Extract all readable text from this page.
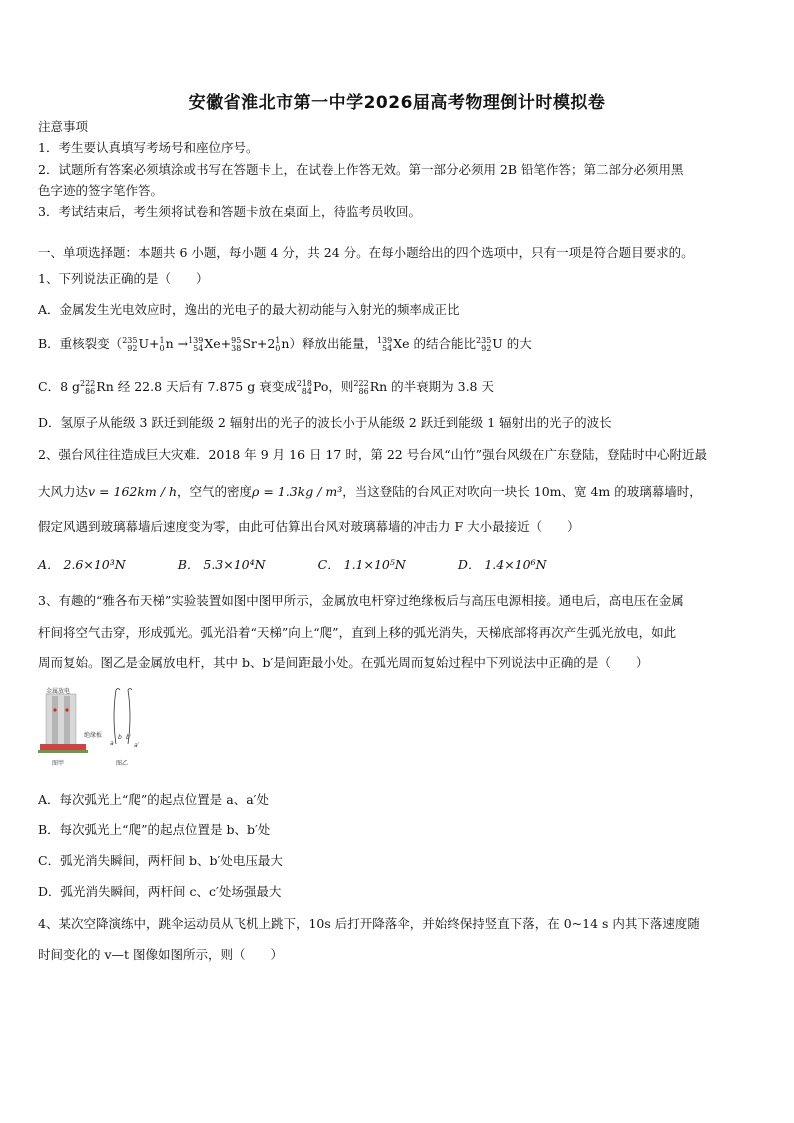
安徽省淮北市第一中学2026届高考物理倒计时模拟卷
注意事项
1．考生要认真填写考场号和座位序号。
2．试题所有答案必须填涂或书写在答题卡上，在试卷上作答无效。第一部分必须用 2B 铅笔作答；第二部分必须用黑
色字迹的签字笔作答。
3．考试结束后，考生须将试卷和答题卡放在桌面上，待监考员收回。
一、单项选择题：本题共 6 小题，每小题 4 分，共 24 分。在每小题给出的四个选项中，只有一项是符合题目要求的。
1、下列说法正确的是（　　）
A．金属发生光电效应时，逸出的光电子的最大初动能与入射光的频率成正比
B．重核裂变（ 235
92 U+ 1
0 n → 139
54 Xe+ 95
38 Sr+2 1
0 n）释放出能量， 139
54 Xe 的结合能比 235
92 U 的大
C．8 g 222
86 Rn 经 22.8 天后有 7.875 g 衰变成 218
84 Po，则 222
86 Rn 的半衰期为 3.8 天
D．氢原子从能级 3 跃迁到能级 2 辐射出的光子的波长小于从能级 2 跃迁到能级 1 辐射出的光子的波长
2、强台风往往造成巨大灾难．2018 年 9 月 16 日 17 时，第 22 号台风“山竹”强台风级在广东登陆，登陆时中心附近最
大风力达v = 162km / h，空气的密度ρ = 1.3kg / m³，当这登陆的台风正对吹向一块长 10m、宽 4m 的玻璃幕墙时，
假定风遇到玻璃幕墙后速度变为零，由此可估算出台风对玻璃幕墙的冲击力 F 大小最接近（　　）
A． 2.6×10³N	B． 5.3×10⁴N	C． 1.1×10⁵N	D． 1.4×10⁶N
3、有趣的“雅各布天梯”实验装置如图中图甲所示，金属放电杆穿过绝缘板后与高压电源相接。通电后，高电压在金属
杆间将空气击穿，形成弧光。弧光沿着“天梯”向上“爬”，直到上移的弧光消失，天梯底部将再次产生弧光放电，如此
周而复始。图乙是金属放电杆，其中 b、b′是间距最小处。在弧光周而复始过程中下列说法中正确的是（　　）
金属放电
绝缘板
图甲	图乙
a
b b′
a′
A．每次弧光上“爬”的起点位置是 a、a′处
B．每次弧光上“爬”的起点位置是 b、b′处
C．弧光消失瞬间，两杆间 b、b′处电压最大
D．弧光消失瞬间，两杆间 c、c′处场强最大
4、某次空降演练中，跳伞运动员从飞机上跳下，10s 后打开降落伞，并始终保持竖直下落，在 0~14 s 内其下落速度随
时间变化的 v—t 图像如图所示，则（　　）
